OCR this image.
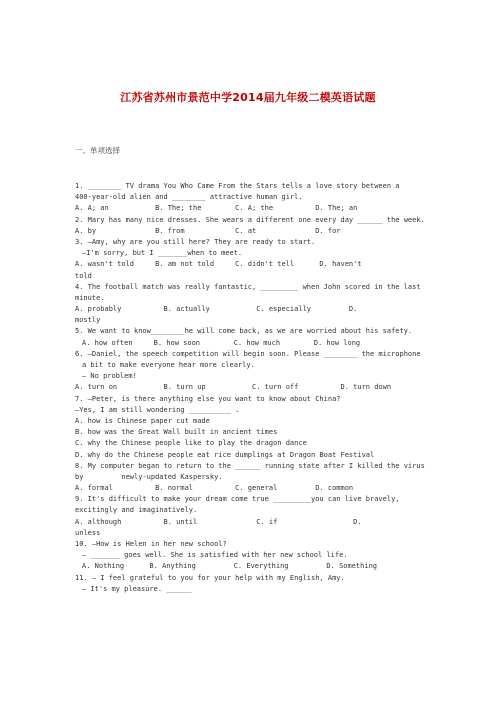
江苏省苏州市景范中学2014届九年级二模英语试题

一、单项选择

1. ________ TV drama You Who Came From the Stars tells a love story between a
400-year-old alien and ________ attractive human girl.
A. A; an           B. The; the        C. A; the          D. The; an
2. Mary has many nice dresses. She wears a different one every day ______ the week.
A. by              B. from            C. at              D. for
3. —Amy, why are you still here? They are ready to start.
—I'm sorry, but I _______when to meet.
A. wasn't told     B. am not told     C. didn't tell      D. haven't
told
4. The football match was really fantastic, _________ when John scored in the last
minute.
A. probably          B. actually           C. especially         D.
mostly
5. We want to know________he will come back, as we are worried about his safety.
A. how often     B. how soon        C. how much        D. how long
6. —Daniel, the speech competition will begin soon. Please ________ the microphone
a bit to make everyone hear more clearly.
— No problem!
A. turn on           B. turn up           C. turn off          D. turn down
7. —Peter, is there anything else you want to know about China?
—Yes, I am still wondering __________ .
A. how is Chinese paper cut made
B. how was the Great Wall built in ancient times
C. why the Chinese people like to play the dragon dance
D. why do the Chinese people eat rice dumplings at Dragon Boat Festival
8. My computer began to return to the ______ running state after I killed the virus
by         newly-updated Kaspersky.
A. formal          B. normal          C. general         D. common
9. It's difficult to make your dream come true _________you can live bravely,
excitingly and imaginatively.
A. although          B. until              C. if                  D.
unless
10. —How is Helen in her new school?
— _______ goes well. She is satisfied with her new school life.
A. Nothing      B. Anything         C. Everything         D. Something
11. — I feel grateful to you for your help with my English, Amy.
— It's my pleasure. ______
